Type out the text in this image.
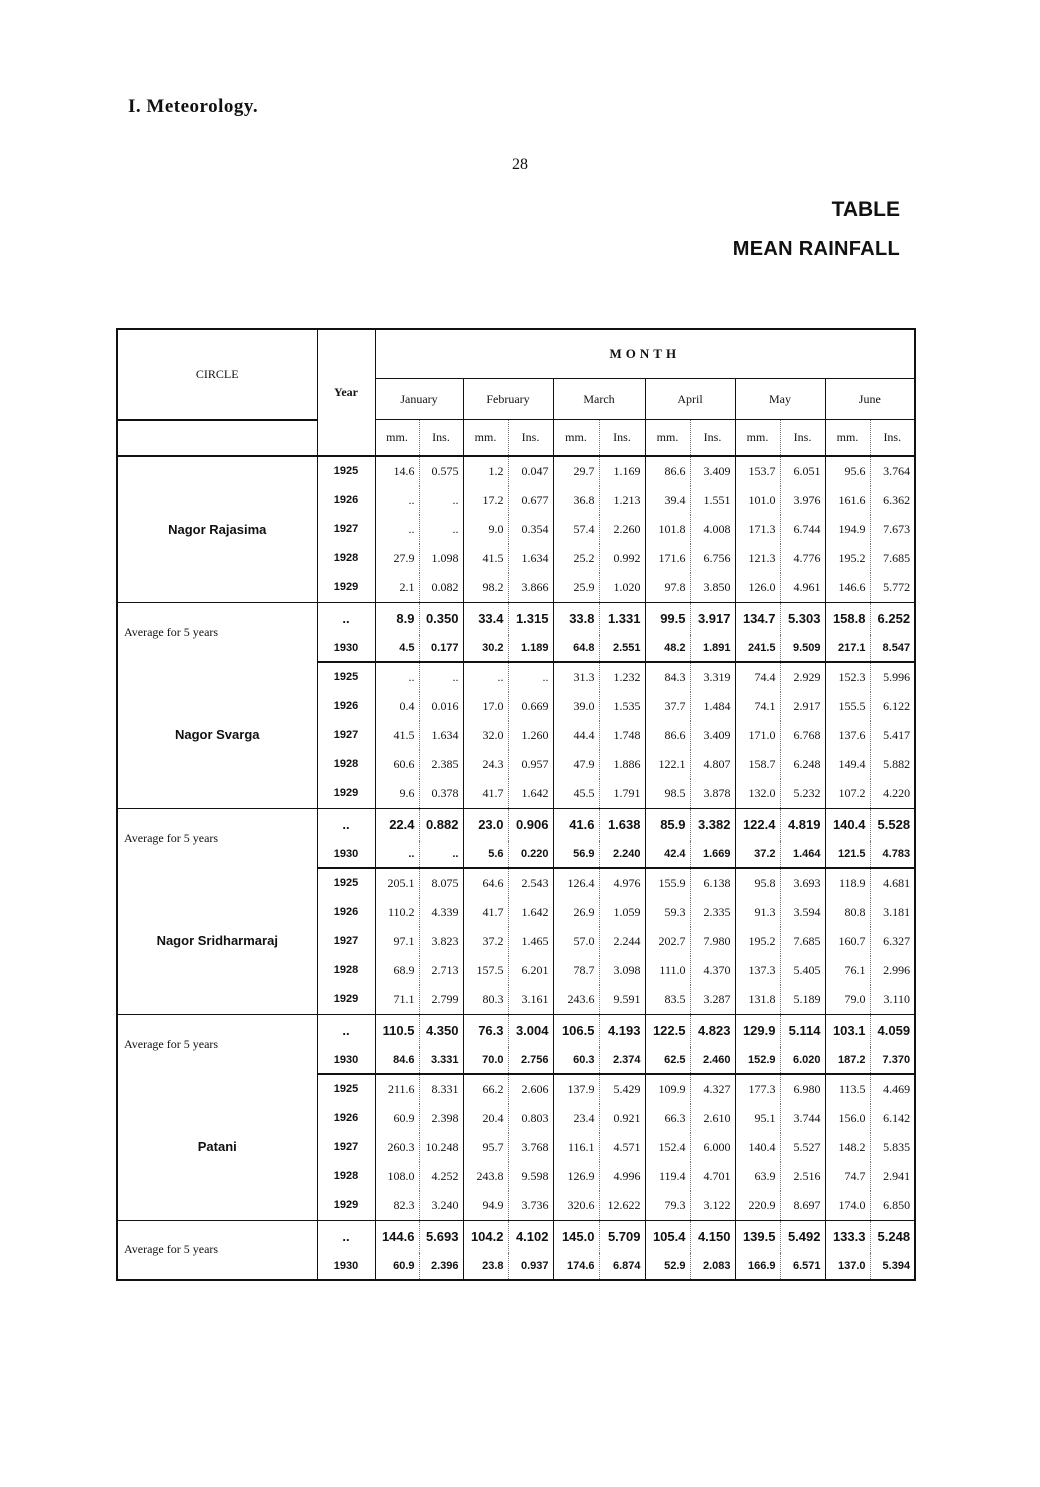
I. Meteorology.
28
TABLE
MEAN RAINFALL
CIRCLE	Year	MONTH											
		January		February		March		April		May		June	
		mm.	Ins.	mm.	Ins.	mm.	Ins.	mm.	Ins.	mm.	Ins.	mm.	Ins.
Nagor Rajasima	1925	14.6	0.575	1.2	0.047	29.7	1.169	86.6	3.409	153.7	6.051	95.6	3.764
	1926	..	..	17.2	0.677	36.8	1.213	39.4	1.551	101.0	3.976	161.6	6.362
	1927	..	..	9.0	0.354	57.4	2.260	101.8	4.008	171.3	6.744	194.9	7.673
	1928	27.9	1.098	41.5	1.634	25.2	0.992	171.6	6.756	121.3	4.776	195.2	7.685
	1929	2.1	0.082	98.2	3.866	25.9	1.020	97.8	3.850	126.0	4.961	146.6	5.772
Average for 5 years	..	8.9	0.350	33.4	1.315	33.8	1.331	99.5	3.917	134.7	5.303	158.8	6.252
	1930	4.5	0.177	30.2	1.189	64.8	2.551	48.2	1.891	241.5	9.509	217.1	8.547
Nagor Svarga	1925	..	..	..	..	31.3	1.232	84.3	3.319	74.4	2.929	152.3	5.996
	1926	0.4	0.016	17.0	0.669	39.0	1.535	37.7	1.484	74.1	2.917	155.5	6.122
	1927	41.5	1.634	32.0	1.260	44.4	1.748	86.6	3.409	171.0	6.768	137.6	5.417
	1928	60.6	2.385	24.3	0.957	47.9	1.886	122.1	4.807	158.7	6.248	149.4	5.882
	1929	9.6	0.378	41.7	1.642	45.5	1.791	98.5	3.878	132.0	5.232	107.2	4.220
Average for 5 years	..	22.4	0.882	23.0	0.906	41.6	1.638	85.9	3.382	122.4	4.819	140.4	5.528
	1930	..	..	5.6	0.220	56.9	2.240	42.4	1.669	37.2	1.464	121.5	4.783
Nagor Sridharmaraj	1925	205.1	8.075	64.6	2.543	126.4	4.976	155.9	6.138	95.8	3.693	118.9	4.681
	1926	110.2	4.339	41.7	1.642	26.9	1.059	59.3	2.335	91.3	3.594	80.8	3.181
	1927	97.1	3.823	37.2	1.465	57.0	2.244	202.7	7.980	195.2	7.685	160.7	6.327
	1928	68.9	2.713	157.5	6.201	78.7	3.098	111.0	4.370	137.3	5.405	76.1	2.996
	1929	71.1	2.799	80.3	3.161	243.6	9.591	83.5	3.287	131.8	5.189	79.0	3.110
Average for 5 years	..	110.5	4.350	76.3	3.004	106.5	4.193	122.5	4.823	129.9	5.114	103.1	4.059
	1930	84.6	3.331	70.0	2.756	60.3	2.374	62.5	2.460	152.9	6.020	187.2	7.370
Patani	1925	211.6	8.331	66.2	2.606	137.9	5.429	109.9	4.327	177.3	6.980	113.5	4.469
	1926	60.9	2.398	20.4	0.803	23.4	0.921	66.3	2.610	95.1	3.744	156.0	6.142
	1927	260.3	10.248	95.7	3.768	116.1	4.571	152.4	6.000	140.4	5.527	148.2	5.835
	1928	108.0	4.252	243.8	9.598	126.9	4.996	119.4	4.701	63.9	2.516	74.7	2.941
	1929	82.3	3.240	94.9	3.736	320.6	12.622	79.3	3.122	220.9	8.697	174.0	6.850
Average for 5 years	..	144.6	5.693	104.2	4.102	145.0	5.709	105.4	4.150	139.5	5.492	133.3	5.248
	1930	60.9	2.396	23.8	0.937	174.6	6.874	52.9	2.083	166.9	6.571	137.0	5.394
